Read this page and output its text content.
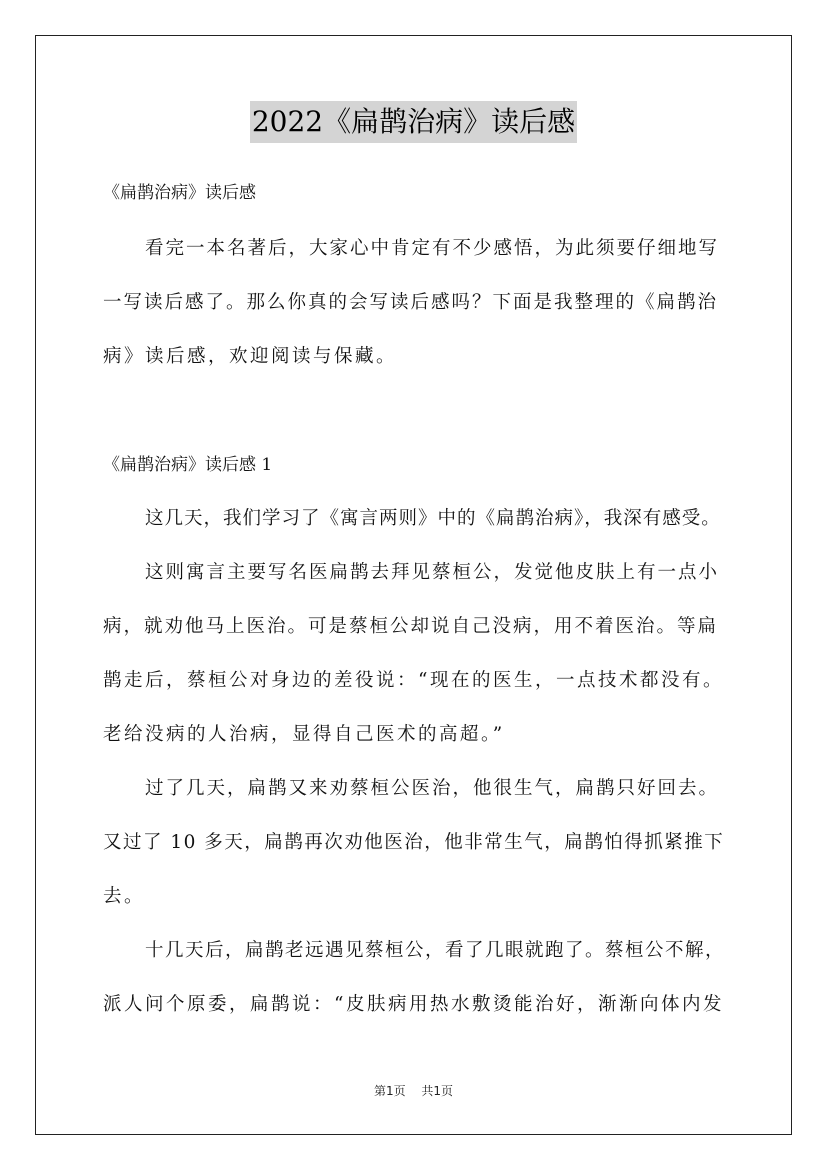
2022《扁鹊治病》读后感

《扁鹊治病》读后感

看完一本名著后，大家心中肯定有不少感悟，为此须要仔细地写

一写读后感了。那么你真的会写读后感吗？下面是我整理的《扁鹊治

病》读后感，欢迎阅读与保藏。

《扁鹊治病》读后感 1

这几天，我们学习了《寓言两则》中的《扁鹊治病》，我深有感受。

这则寓言主要写名医扁鹊去拜见蔡桓公，发觉他皮肤上有一点小

病，就劝他马上医治。可是蔡桓公却说自己没病，用不着医治。等扁

鹊走后，蔡桓公对身边的差役说：“现在的医生，一点技术都没有。

老给没病的人治病，显得自己医术的高超。”

过了几天，扁鹊又来劝蔡桓公医治，他很生气，扁鹊只好回去。

又过了 10 多天，扁鹊再次劝他医治，他非常生气，扁鹊怕得抓紧推下

去。

十几天后，扁鹊老远遇见蔡桓公，看了几眼就跑了。蔡桓公不解，

派人问个原委，扁鹊说：“皮肤病用热水敷烫能治好，渐渐向体内发

第1页 共1页
